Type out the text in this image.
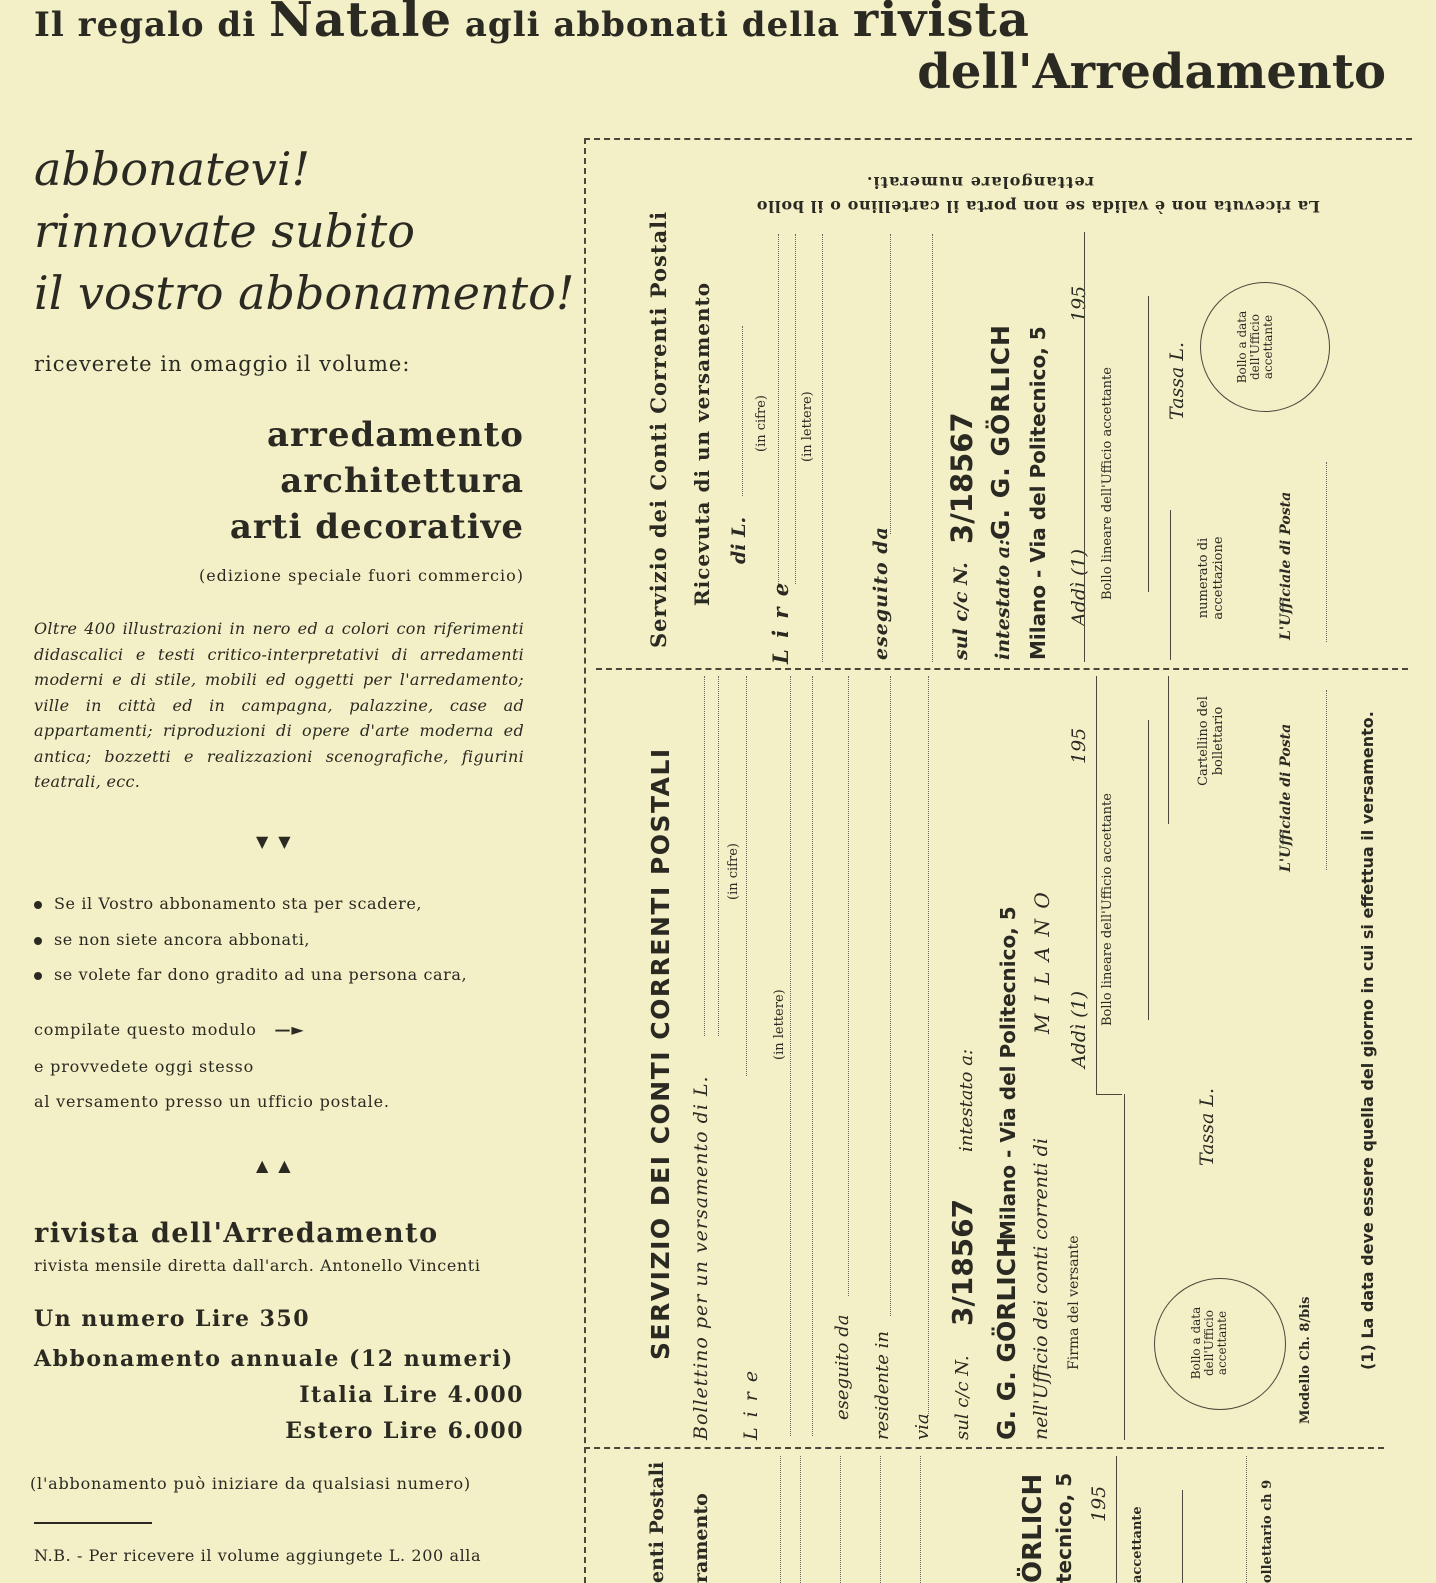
Il regalo di Natale agli abbonati della rivista
dell'Arredamento
abbonatevi!
rinnovate subito
il vostro abbonamento!
riceverete in omaggio il volume:
arredamento
architettura
arti decorative
(edizione speciale fuori commercio)
Oltre 400 illustrazioni in nero ed a colori con riferimenti didascalici e testi critico-interpretativi di arredamenti moderni e di stile, mobili ed oggetti per l'arredamento; ville in città ed in campagna, palazzine, case ad appartamenti; riproduzioni di opere d'arte moderna ed antica; bozzetti e realizzazioni scenografiche, figurini teatrali, ecc.
▼▼
Se il Vostro abbonamento sta per scadere,
se non siete ancora abbonati,
se volete far dono gradito ad una persona cara,
compilate questo modulo —►
e provvedete oggi stesso
al versamento presso un ufficio postale.
▲▲
rivista dell'Arredamento
rivista mensile diretta dall'arch. Antonello Vincenti
Un numero Lire 350
Abbonamento annuale (12 numeri)
Italia Lire 4.000
Estero Lire 6.000
(l'abbonamento può iniziare da qualsiasi numero)
N.B. - Per ricevere il volume aggiungete L. 200 alla
La ricevuta non è valida se non porta il cartellino o il bollo
rettangolare numerati.
Servizio dei Conti Correnti Postali Ricevuta di un versamento di L.
(in cifre)
L i r e
(in lettere)
eseguito da	sul c/c N.
3/18567
intestato a:
G. G. GÖRLICH Milano - Via del Politecnico, 5 Addì (1)
195
Bollo lineare dell'Ufficio accettante	Tassa L.	Bollo a data dell'Ufficio accettante
numerato di accettazione	L'Ufficiale di Posta
SERVIZIO DEI CONTI CORRENTI POSTALI Bollettino per un versamento di L.
(in cifre)
L i r e
(in lettere)
eseguito da residente in via sul c/c N.
3/18567
intestato a:
G. G. GÖRLICH
Milano - Via del Politecnico, 5
nell'Ufficio dei conti correnti di
M I L A N O
Firma del versante
Addì (1)
195
Bollo lineare dell'Ufficio accettante
Tassa L.
Bollo a data dell'Ufficio accettante
Cartellino del bollettario	L'Ufficiale di Posta
Modello Ch. 8/bis	(1) La data deve essere quella del giorno in cui si effettua il versamento.
enti Postali ramento	ÖRLICH tecnico, 5 195
accettante	ollettario ch 9
